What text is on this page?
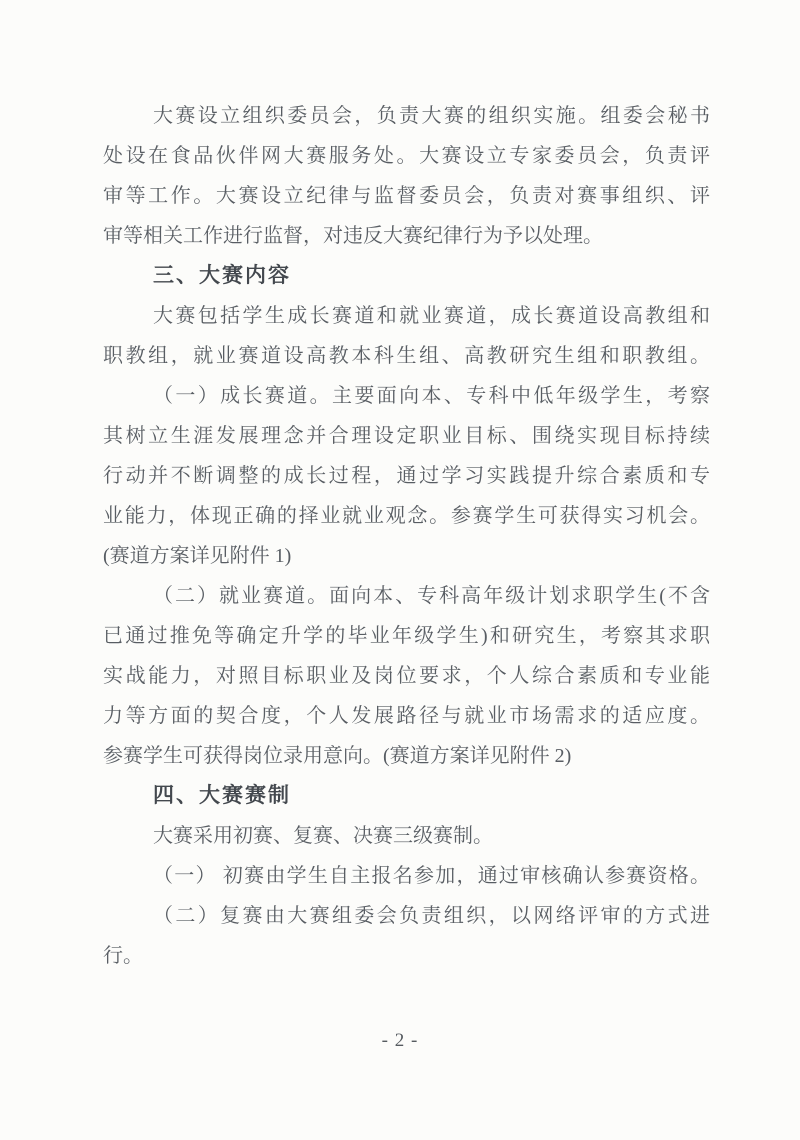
大赛设立组织委员会，负责大赛的组织实施。组委会秘书
处设在食品伙伴网大赛服务处。大赛设立专家委员会，负责评
审等工作。大赛设立纪律与监督委员会，负责对赛事组织、评
审等相关工作进行监督，对违反大赛纪律行为予以处理。
三、大赛内容
大赛包括学生成长赛道和就业赛道，成长赛道设高教组和
职教组，就业赛道设高教本科生组、高教研究生组和职教组。
（一）成长赛道。主要面向本、专科中低年级学生，考察
其树立生涯发展理念并合理设定职业目标、围绕实现目标持续
行动并不断调整的成长过程，通过学习实践提升综合素质和专
业能力，体现正确的择业就业观念。参赛学生可获得实习机会。
(赛道方案详见附件 1)
（二）就业赛道。面向本、专科高年级计划求职学生(不含
已通过推免等确定升学的毕业年级学生)和研究生，考察其求职
实战能力，对照目标职业及岗位要求，个人综合素质和专业能
力等方面的契合度，个人发展路径与就业市场需求的适应度。
参赛学生可获得岗位录用意向。(赛道方案详见附件 2)
四、大赛赛制
大赛采用初赛、复赛、决赛三级赛制。
（一） 初赛由学生自主报名参加，通过审核确认参赛资格。
（二）复赛由大赛组委会负责组织，以网络评审的方式进
行。
- 2 -
